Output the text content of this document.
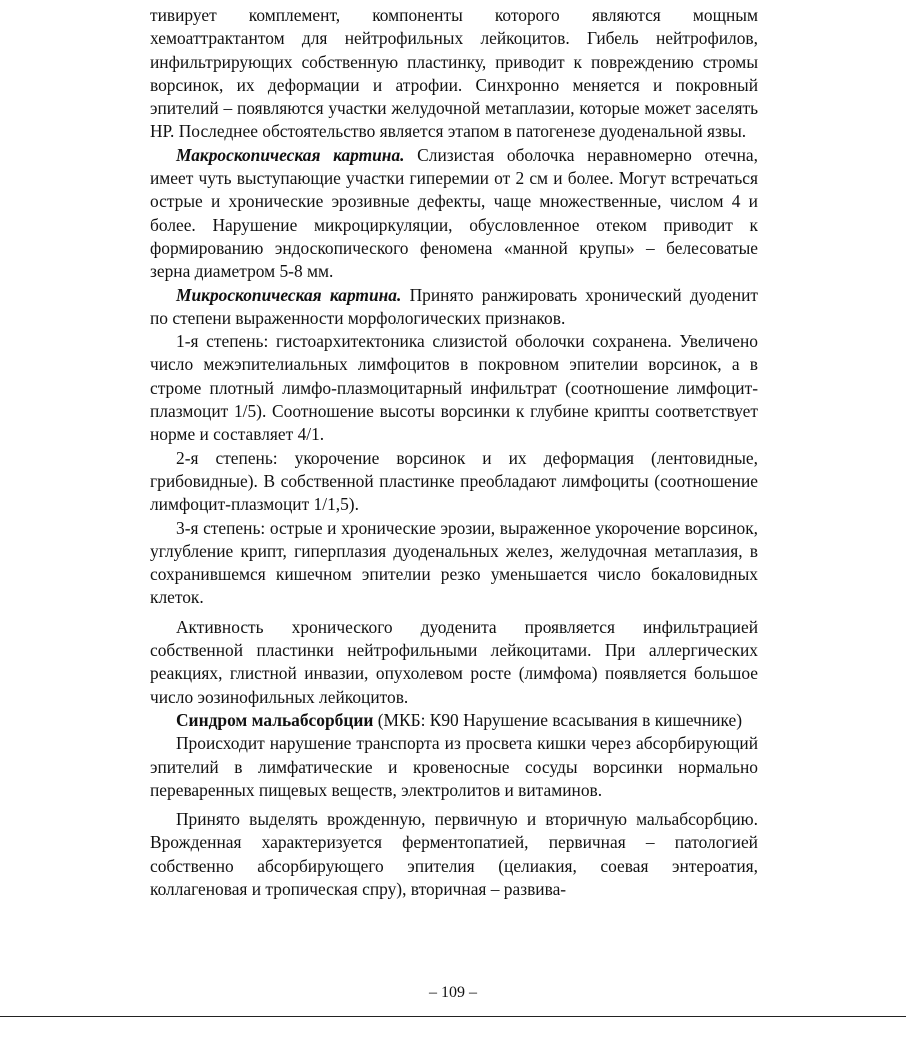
тивирует комплемент, компоненты которого являются мощным хемоаттрактантом для нейтрофильных лейкоцитов. Гибель нейтрофилов, инфильтрирующих собственную пластинку, приводит к повреждению стромы ворсинок, их деформации и атрофии. Синхронно меняется и покровный эпителий – появляются участки желудочной метаплазии, которые может заселять НР. Последнее обстоятельство является этапом в патогенезе дуоденальной язвы.

Макроскопическая картина. Слизистая оболочка неравномерно отечна, имеет чуть выступающие участки гиперемии от 2 см и более. Могут встречаться острые и хронические эрозивные дефекты, чаще множественные, числом 4 и более. Нарушение микроциркуляции, обусловленное отеком приводит к формированию эндоскопического феномена «манной крупы» – белесоватые зерна диаметром 5-8 мм.

Микроскопическая картина. Принято ранжировать хронический дуоденит по степени выраженности морфологических признаков.

1-я степень: гистоархитектоника слизистой оболочки сохранена. Увеличено число межэпителиальных лимфоцитов в покровном эпителии ворсинок, а в строме плотный лимфо-плазмоцитарный инфильтрат (соотношение лимфоцит-плазмоцит 1/5). Соотношение высоты ворсинки к глубине крипты соответствует норме и составляет 4/1.

2-я степень: укорочение ворсинок и их деформация (лентовидные, грибовидные). В собственной пластинке преобладают лимфоциты (соотношение лимфоцит-плазмоцит 1/1,5).

3-я степень: острые и хронические эрозии, выраженное укорочение ворсинок, углубление крипт, гиперплазия дуоденальных желез, желудочная метаплазия, в сохранившемся кишечном эпителии резко уменьшается число бокаловидных клеток.

Активность хронического дуоденита проявляется инфильтрацией собственной пластинки нейтрофильными лейкоцитами. При аллергических реакциях, глистной инвазии, опухолевом росте (лимфома) появляется большое число эозинофильных лейкоцитов.

Синдром мальабсорбции (МКБ: К90 Нарушение всасывания в кишечнике)

Происходит нарушение транспорта из просвета кишки через абсорбирующий эпителий в лимфатические и кровеносные сосуды ворсинки нормально переваренных пищевых веществ, электролитов и витаминов.

Принято выделять врожденную, первичную и вторичную мальабсорбцию. Врожденная характеризуется ферментопатией, первичная – патологией собственно абсорбирующего эпителия (целиакия, соевая энтероатия, коллагеновая и тропическая спру), вторичная – развива-

– 109 –
